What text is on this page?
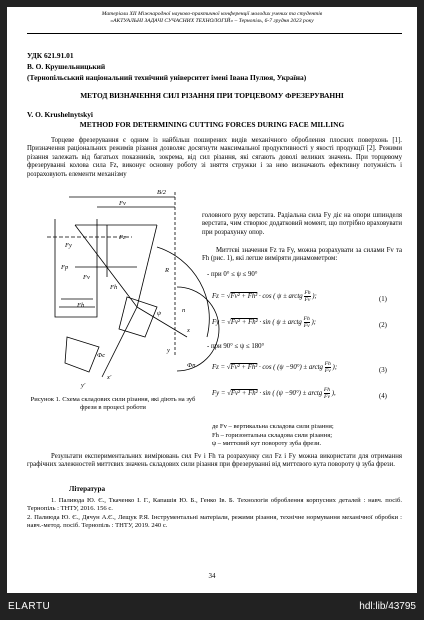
Матеріали ХІІ Міжнародної науково-практичної конференції молодих учених та студентів
«АКТУАЛЬНІ ЗАДАЧІ СУЧАСНИХ ТЕХНОЛОГІЙ» – Тернопіль, 6-7 грудня 2023 року
УДК 621.91.01
В. О. Крушельницький
(Тернопільський національний технічний університет імені Івана Пулюя, Україна)
МЕТОД ВИЗНАЧЕННЯ СИЛ РІЗАННЯ ПРИ ТОРЦЕВОМУ ФРЕЗЕРУВАННІ
V. O. Krushelnytskyi
METHOD FOR DETERMINING CUTTING FORCES DURING FACE MILLING
Торцеве фрезерування є одним із найбільш поширених видів механічного оброблення плоских поверхонь [1]. Призначення раціональних режимів різання дозволяє досягнути максимальної продуктивності у якості продукції [2]. Режими різання залежать від багатьох показників, зокрема, від сил різання, які сягають доволі великих значень. При торцевому фрезеруванні колова сила Fz, виконує основну роботу зі зняття стружки і за нею визначають ефективну потужність і розраховують елементи механізму
головного руху верстата. Радіальна сила Fy діє на опори шпинделя верстата, чим створює додатковий момент, що потрібно враховувати при розрахунку опор.
Миттєві значення Fz та Fy, можна розрахувати за силами Fv та Fh (рис. 1), які легше виміряти динамометром:
- при 0° ≤ ψ ≤ 90°
Fz = √Fv² + Fh² · cos ( ψ ± arctg $\frac{Fh}{Fv}$ );	(1)
Fy = √Fv² + Fh² · sin ( ψ ± arctg $\frac{Fh}{Fv}$ );	(2)
- при 90° ≤ ψ ≤ 180°
Fz = √Fv² + Fh² · cos ( (ψ −90°) ± arctg $\frac{Fh}{Fv}$ );	(3)
Fy = √Fv² + Fh² · sin ( (ψ −90°) ± arctg $\frac{Fh}{Fv}$ ),	(4)
B/2
Fv
Fy
Fz
Fh
R
ψ	n
x
y
Fp
Fv
Fh
x'
y'
Фc
Фп
Рисунок 1. Схема складових сили різання, які діють на зуб фрези в процесі роботи
де Fv – вертикальна складова сили різання;
Fh – горизонтальна складова сили різання;
ψ – миттєвий кут повороту зуба фрези.
Результати експериментальних вимірювань сил Fv i Fh та розрахунку сил Fz i Fy можна використати для отримання графічних залежностей миттєвих значень складових сили різання при фрезеруванні від миттєвого кута повороту ψ зуба фрези.
Література
1. Палиюда Ю. Є., Ткаченко І. Г., Капашія Ю. Б., Генко Ів. Б. Технологія оброблення корпусних деталей : навч. посіб. Тернопіль : ТНТУ, 2016. 156 с.
2. Палиюда Ю. Є., Дячун А.Є., Лещук Р.Я. Інструментальні матеріали, режими різання, технічне нормування механічної обробки : навч.-метод. посіб. Тернопіль : ТНТУ, 2019. 240 с.
34
ELARTU	hdl:lib/43795
